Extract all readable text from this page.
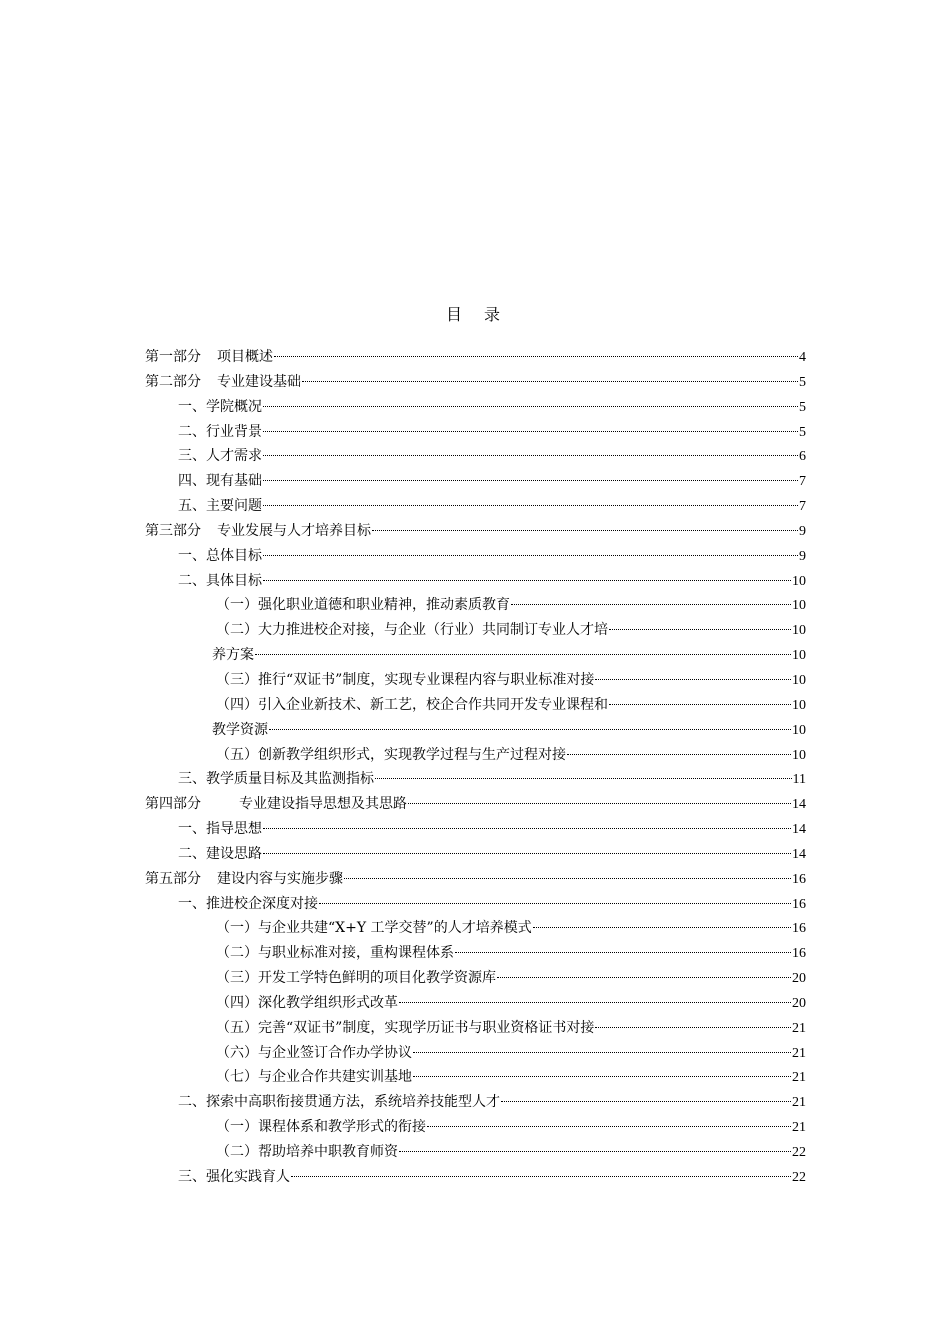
目 录
第一部分 项目概述	4
第二部分 专业建设基础	5
一、学院概况	5
二、行业背景	5
三、人才需求	6
四、现有基础	7
五、主要问题	7
第三部分 专业发展与人才培养目标	9
一、总体目标	9
二、具体目标	10
（一）强化职业道德和职业精神，推动素质教育	10
（二）大力推进校企对接，与企业（行业）共同制订专业人才培	10
养方案	10
（三）推行“双证书”制度，实现专业课程内容与职业标准对接	10
（四）引入企业新技术、新工艺，校企合作共同开发专业课程和	10
教学资源	10
（五）创新教学组织形式，实现教学过程与生产过程对接	10
三、教学质量目标及其监测指标	11
第四部分	专业建设指导思想及其思路	14
一、指导思想	14
二、建设思路	14
第五部分 建设内容与实施步骤	16
一、推进校企深度对接	16
（一）与企业共建“X+Y 工学交替”的人才培养模式	16
（二）与职业标准对接，重构课程体系	16
（三）开发工学特色鲜明的项目化教学资源库	20
（四）深化教学组织形式改革	20
（五）完善“双证书”制度，实现学历证书与职业资格证书对接	21
（六）与企业签订合作办学协议	21
（七）与企业合作共建实训基地	21
二、探索中高职衔接贯通方法，系统培养技能型人才	21
（一）课程体系和教学形式的衔接	21
（二）帮助培养中职教育师资	22
三、强化实践育人	22
